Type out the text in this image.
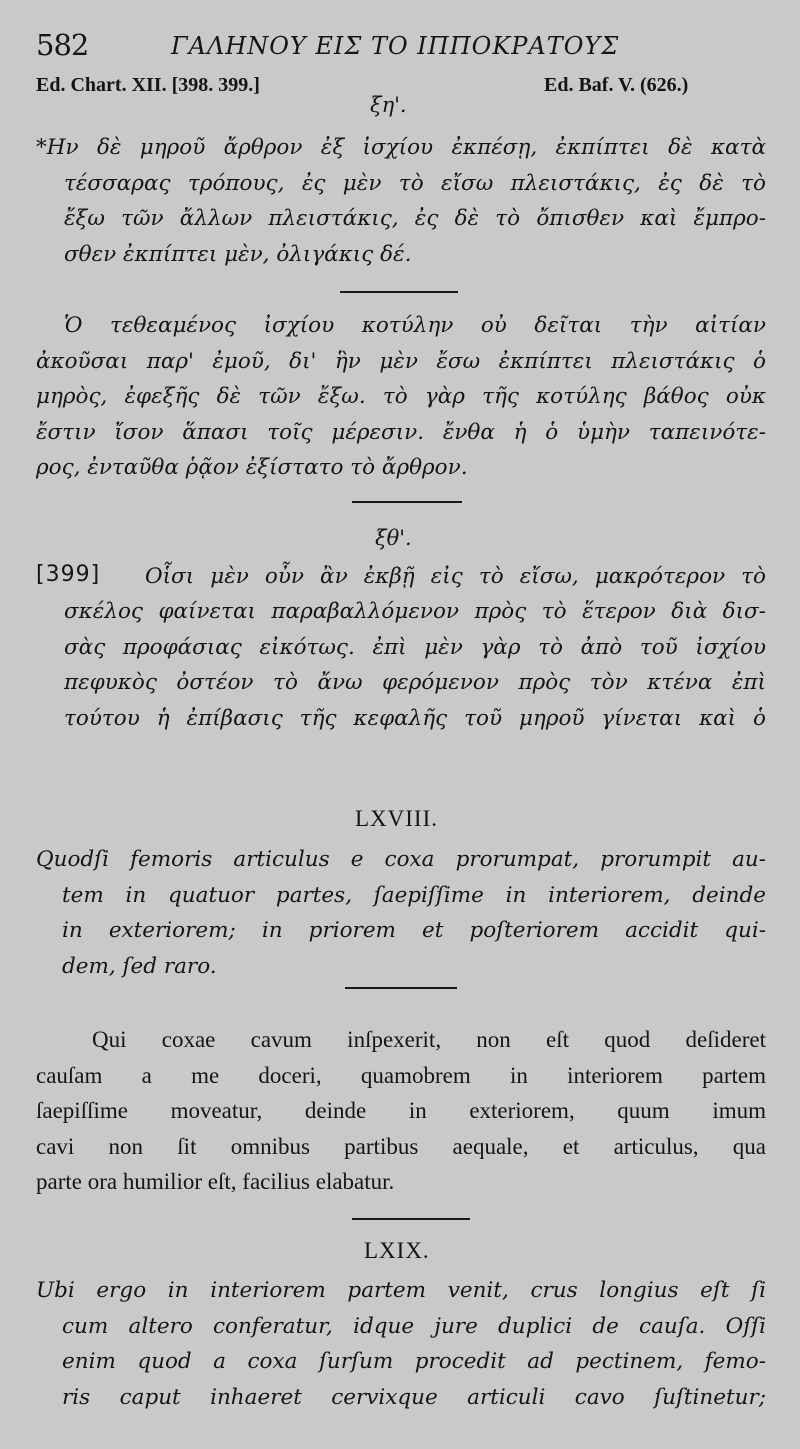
582	ΓΑΛΗΝΟΥ ΕΙΣ ΤΟ ΙΠΠΟΚΡΑΤΟΥΣ
Ed. Chart. XII. [398. 399.]	Ed. Baf. V. (626.)
ξη'.
*Ην δὲ μηροῦ ἄρθρον ἐξ ἰσχίου ἐκπέσῃ, ἐκπίπτει δὲ κατὰ
τέσσαρας τρόπους, ἐς μὲν τὸ εἴσω πλειστάκις, ἐς δὲ τὸ
ἔξω τῶν ἄλλων πλειστάκις, ἐς δὲ τὸ ὄπισθεν καὶ ἔμπρο-
σθεν ἐκπίπτει μὲν, ὀλιγάκις δέ.
Ὁ τεθεαμένος ἰσχίου κοτύλην οὐ δεῖται τὴν αἰτίαν
ἀκοῦσαι παρ' ἐμοῦ, δι' ἣν μὲν ἔσω ἐκπίπτει πλειστάκις ὁ
μηρὸς, ἐφεξῆς δὲ τῶν ἔξω. τὸ γὰρ τῆς κοτύλης βάθος οὐκ
ἔστιν ἴσον ἅπασι τοῖς μέρεσιν. ἔνθα ἡ ὁ ὑμὴν ταπεινότε-
ρος, ἐνταῦθα ῥᾷον ἐξίστατο τὸ ἄρθρον.
ξθ'.
[399] Οἷσι μὲν οὖν ἂν ἐκβῇ εἰς τὸ εἴσω, μακρότερον τὸ
σκέλος φαίνεται παραβαλλόμενον πρὸς τὸ ἕτερον διὰ δισ-
σὰς προφάσιας εἰκότως. ἐπὶ μὲν γὰρ τὸ ἀπὸ τοῦ ἰσχίου
πεφυκὸς ὀστέον τὸ ἄνω φερόμενον πρὸς τὸν κτένα ἐπὶ
τούτου ἡ ἐπίβασις τῆς κεφαλῆς τοῦ μηροῦ γίνεται καὶ ὁ
LXVIII.
Quodſi femoris articulus e coxa prorumpat, prorumpit au-
tem in quatuor partes, ſaepiſſime in interiorem, deinde
in exteriorem; in priorem et poſteriorem accidit qui-
dem, ſed raro.
Qui coxae cavum inſpexerit, non eſt quod deſideret
cauſam a me doceri, quamobrem in interiorem partem
ſaepiſſime moveatur, deinde in exteriorem, quum imum
cavi non ſit omnibus partibus aequale, et articulus, qua
parte ora humilior eſt, facilius elabatur.
LXIX.
Ubi ergo in interiorem partem venit, crus longius eſt ſi
cum altero conferatur, idque jure duplici de cauſa. Oſſi
enim quod a coxa ſurſum procedit ad pectinem, femo-
ris caput inhaeret cervixque articuli cavo ſuſtinetur;
